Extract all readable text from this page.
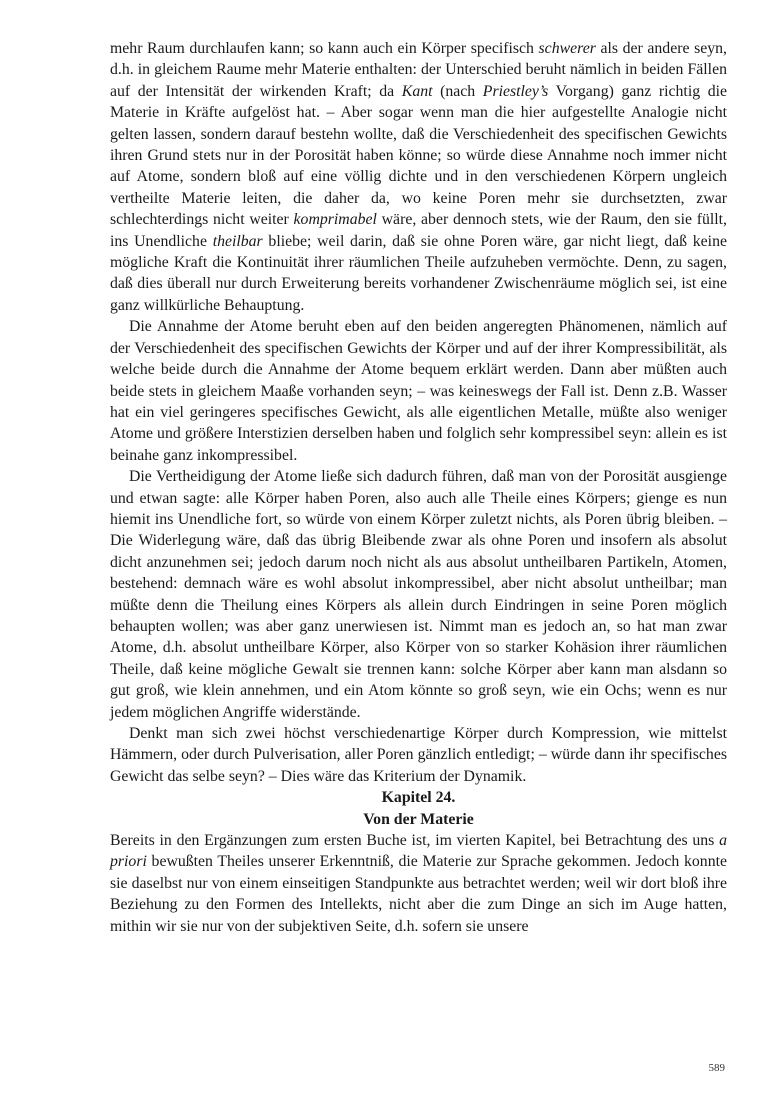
mehr Raum durchlaufen kann; so kann auch ein Körper specifisch schwerer als der andere seyn, d.h. in gleichem Raume mehr Materie enthalten: der Unterschied beruht nämlich in beiden Fällen auf der Intensität der wirkenden Kraft; da Kant (nach Priestley’s Vorgang) ganz richtig die Materie in Kräfte aufgelöst hat. – Aber sogar wenn man die hier aufgestellte Analogie nicht gelten lassen, sondern darauf bestehn wollte, daß die Verschiedenheit des specifischen Gewichts ihren Grund stets nur in der Porosität haben könne; so würde diese Annahme noch immer nicht auf Atome, sondern bloß auf eine völlig dichte und in den verschiedenen Körpern ungleich vertheilte Materie leiten, die daher da, wo keine Poren mehr sie durchsetzten, zwar schlechterdings nicht weiter komprimabel wäre, aber dennoch stets, wie der Raum, den sie füllt, ins Unendliche theilbar bliebe; weil darin, daß sie ohne Poren wäre, gar nicht liegt, daß keine mögliche Kraft die Kontinuität ihrer räumlichen Theile aufzuheben vermöchte. Denn, zu sagen, daß dies überall nur durch Erweiterung bereits vorhandener Zwischenräume möglich sei, ist eine ganz willkürliche Behauptung.

Die Annahme der Atome beruht eben auf den beiden angeregten Phänomenen, nämlich auf der Verschiedenheit des specifischen Gewichts der Körper und auf der ihrer Kompressibilität, als welche beide durch die Annahme der Atome bequem erklärt werden. Dann aber müßten auch beide stets in gleichem Maaße vorhanden seyn; – was keineswegs der Fall ist. Denn z.B. Wasser hat ein viel geringeres specifisches Gewicht, als alle eigentlichen Metalle, müßte also weniger Atome und größere Interstizien derselben haben und folglich sehr kompressibel seyn: allein es ist beinahe ganz inkompressibel.

Die Vertheidigung der Atome ließe sich dadurch führen, daß man von der Porosität ausgienge und etwan sagte: alle Körper haben Poren, also auch alle Theile eines Körpers; gienge es nun hiemit ins Unendliche fort, so würde von einem Körper zuletzt nichts, als Poren übrig bleiben. – Die Widerlegung wäre, daß das übrig Bleibende zwar als ohne Poren und insofern als absolut dicht anzunehmen sei; jedoch darum noch nicht als aus absolut untheilbaren Partikeln, Atomen, bestehend: demnach wäre es wohl absolut inkompressibel, aber nicht absolut untheilbar; man müßte denn die Theilung eines Körpers als allein durch Eindringen in seine Poren möglich behaupten wollen; was aber ganz unerwiesen ist. Nimmt man es jedoch an, so hat man zwar Atome, d.h. absolut untheilbare Körper, also Körper von so starker Kohäsion ihrer räumlichen Theile, daß keine mögliche Gewalt sie trennen kann: solche Körper aber kann man alsdann so gut groß, wie klein annehmen, und ein Atom könnte so groß seyn, wie ein Ochs; wenn es nur jedem möglichen Angriffe widerstände.

Denkt man sich zwei höchst verschiedenartige Körper durch Kompression, wie mittelst Hämmern, oder durch Pulverisation, aller Poren gänzlich entledigt; – würde dann ihr specifisches Gewicht das selbe seyn? – Dies wäre das Kriterium der Dynamik.

Kapitel 24.

Von der Materie

Bereits in den Ergänzungen zum ersten Buche ist, im vierten Kapitel, bei Betrachtung des uns a priori bewußten Theiles unserer Erkenntniß, die Materie zur Sprache gekommen. Jedoch konnte sie daselbst nur von einem einseitigen Standpunkte aus betrachtet werden; weil wir dort bloß ihre Beziehung zu den Formen des Intellekts, nicht aber die zum Dinge an sich im Auge hatten, mithin wir sie nur von der subjektiven Seite, d.h. sofern sie unsere

589
